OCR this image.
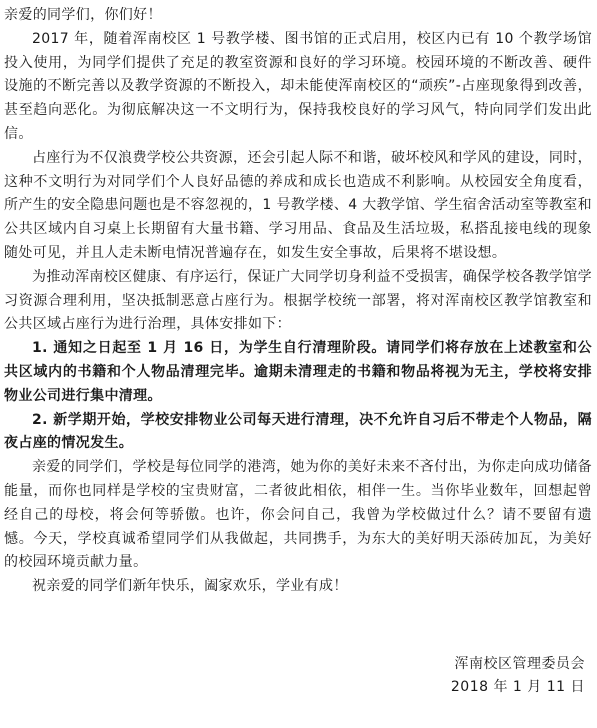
亲爱的同学们，你们好！

2017 年，随着浑南校区 1 号教学楼、图书馆的正式启用，校区内已有 10 个教学场馆投入使用，为同学们提供了充足的教室资源和良好的学习环境。校园环境的不断改善、硬件设施的不断完善以及教学资源的不断投入，却未能使浑南校区的“顽疾”-占座现象得到改善，甚至趋向恶化。为彻底解决这一不文明行为，保持我校良好的学习风气，特向同学们发出此信。

占座行为不仅浪费学校公共资源，还会引起人际不和谐，破坏校风和学风的建设，同时，这种不文明行为对同学们个人良好品德的养成和成长也造成不利影响。从校园安全角度看，所产生的安全隐患问题也是不容忽视的，1 号教学楼、4 大教学馆、学生宿舍活动室等教室和公共区域内自习桌上长期留有大量书籍、学习用品、食品及生活垃圾，私搭乱接电线的现象随处可见，并且人走未断电情况普遍存在，如发生安全事故，后果将不堪设想。

为推动浑南校区健康、有序运行，保证广大同学切身利益不受损害，确保学校各教学馆学习资源合理利用，坚决抵制恶意占座行为。根据学校统一部署，将对浑南校区教学馆教室和公共区域占座行为进行治理，具体安排如下：

1. 通知之日起至 1 月 16 日，为学生自行清理阶段。请同学们将存放在上述教室和公共区域内的书籍和个人物品清理完毕。逾期未清理走的书籍和物品将视为无主，学校将安排物业公司进行集中清理。

2. 新学期开始，学校安排物业公司每天进行清理，决不允许自习后不带走个人物品，隔夜占座的情况发生。

亲爱的同学们，学校是每位同学的港湾，她为你的美好未来不吝付出，为你走向成功储备能量，而你也同样是学校的宝贵财富，二者彼此相依，相伴一生。当你毕业数年，回想起曾经自己的母校，将会何等骄傲。也许，你会问自己，我曾为学校做过什么？请不要留有遗憾。今天，学校真诚希望同学们从我做起，共同携手，为东大的美好明天添砖加瓦，为美好的校园环境贡献力量。

祝亲爱的同学们新年快乐，阖家欢乐，学业有成！

浑南校区管理委员会
2018 年 1 月 11 日
